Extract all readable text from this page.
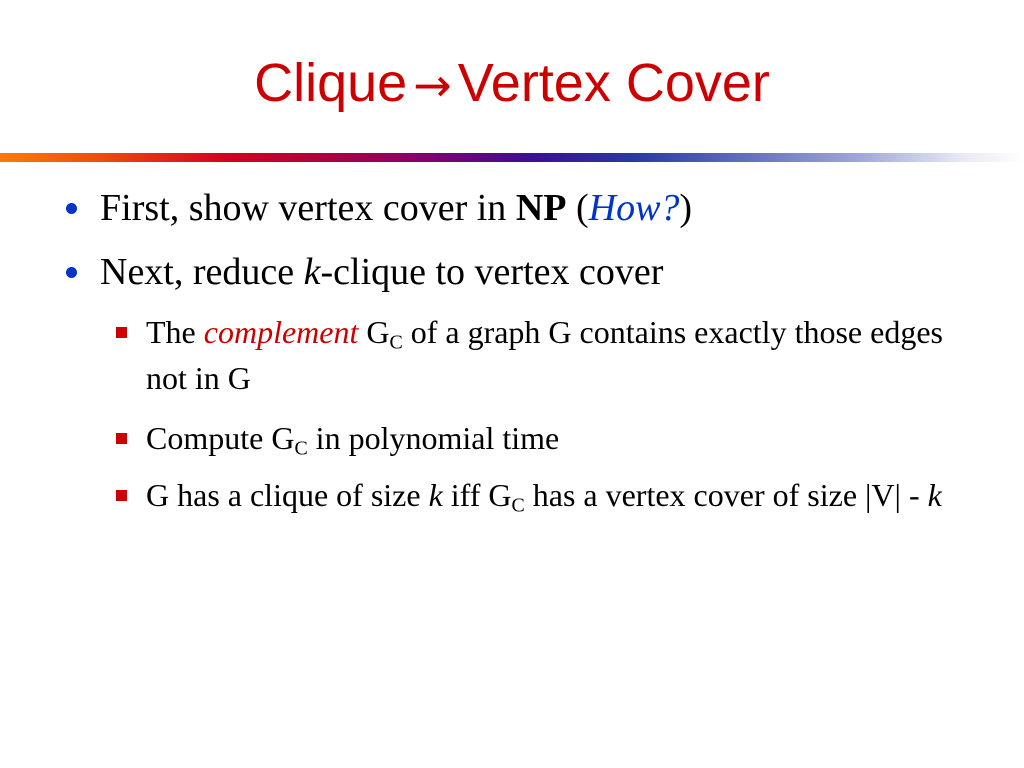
Clique → Vertex Cover
First, show vertex cover in NP (How?)
Next, reduce k-clique to vertex cover
The complement $G_C$ of a graph G contains exactly those edges not in G
Compute $G_C$ in polynomial time
G has a clique of size k iff $G_C$ has a vertex cover of size |V| - k
